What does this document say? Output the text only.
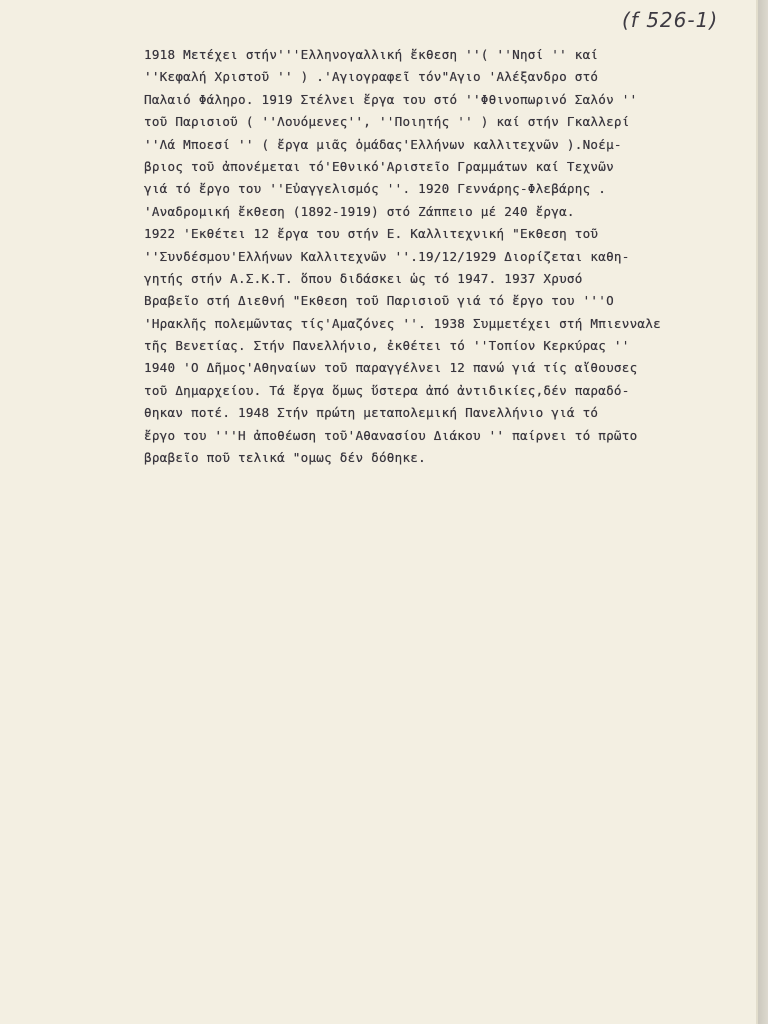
(f 526-1)
1918 Μετέχει στήν'''Ελληνογαλλική ἔκθεση ''( ''Νησί '' καί
''Κεφαλή Χριστοῦ '' ) .'Αγιογραφεῖ τόν"Αγιο 'Αλέξανδρο στό
Παλαιό Φάληρο. 1919 Στέλνει ἔργα του στό ''Φθινοπωρινό Σαλόν ''
τοῦ Παρισιοῦ ( ''Λουόμενες'', ''Ποιητής '' ) καί στήν Γκαλλερί
''Λά Μποεσί '' ( ἔργα μιᾶς ὁμάδας'Ελλήνων καλλιτεχνῶν ).Νοέμ-
βριος τοῦ ἀπονέμεται τό'Εθνικό'Αριστεῖο Γραμμάτων καί Τεχνῶν
γιά τό ἔργο του ''Εὐαγγελισμός ''. 1920 Γεννάρης-Φλεβάρης .
'Αναδρομική ἔκθεση (1892-1919) στό Ζάππειο μέ 240 ἔργα.
1922 'Εκθέτει 12 ἔργα του στήν Ε. Καλλιτεχνική "Εκθεση τοῦ
''Συνδέσμου'Ελλήνων Καλλιτεχνῶν ''.19/12/1929 Διορίζεται καθη-
γητής στήν Α.Σ.Κ.Τ. ὅπου διδάσκει ὡς τό 1947. 1937 Χρυσό
Βραβεῖο στή Διεθνή "Εκθεση τοῦ Παρισιοῦ γιά τό ἔργο του '''Ο
'Ηρακλῆς πολεμῶντας τίς'Αμαζόνες ''. 1938 Συμμετέχει στή Μπιενναλε
τῆς Βενετίας. Στήν Πανελλήνιο, ἐκθέτει τό ''Τοπίον Κερκύρας ''
1940 'Ο Δῆμος'Αθηναίων τοῦ παραγγέλνει 12 πανώ γιά τίς αἴθουσες
τοῦ Δημαρχείου. Τά ἔργα ὅμως ὕστερα ἀπό ἀντιδικίες,δέν παραδό-
θηκαν ποτέ. 1948 Στήν πρώτη μεταπολεμική Πανελλήνιο γιά τό
ἔργο του '''Η ἀποθέωση τοῦ'Αθανασίου Διάκου '' παίρνει τό πρῶτο
βραβεῖο ποῦ τελικά "ομως δέν δόθηκε.
